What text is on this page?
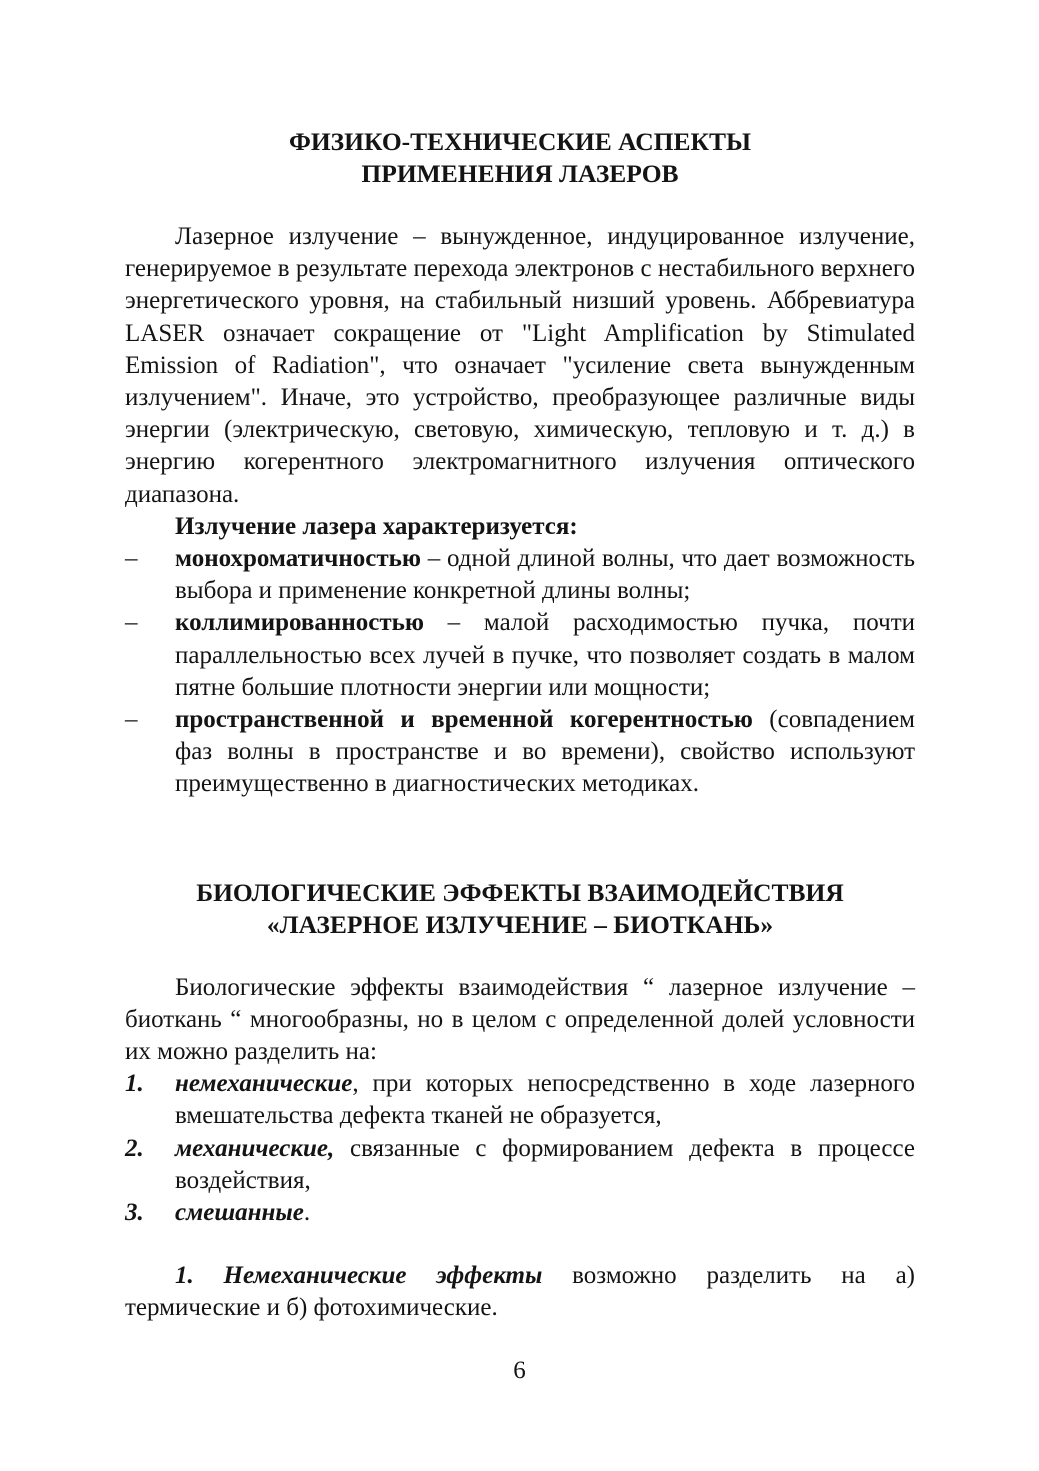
ФИЗИКО-ТЕХНИЧЕСКИЕ АСПЕКТЫ
ПРИМЕНЕНИЯ ЛАЗЕРОВ

Лазерное излучение – вынужденное, индуцированное излучение, генерируемое в результате перехода электронов с нестабильного верхнего энергетического уровня, на стабильный низший уровень. Аббревиатура LASER означает сокращение от "Light Amplification by Stimulated Emission of Radiation", что означает "усиление света вынужденным излучением". Иначе, это устройство, преобразующее различные виды энергии (электрическую, световую, химическую, тепловую и т. д.) в энергию когерентного электромагнитного излучения оптического диапазона.

Излучение лазера характеризуется:

– монохроматичностью – одной длиной волны, что дает возможность выбора и применение конкретной длины волны;
– коллимированностью – малой расходимостью пучка, почти параллельностью всех лучей в пучке, что позволяет создать в малом пятне большие плотности энергии или мощности;
– пространственной и временной когерентностью (совпадением фаз волны в пространстве и во времени), свойство используют преимущественно в диагностических методиках.
БИОЛОГИЧЕСКИЕ ЭФФЕКТЫ ВЗАИМОДЕЙСТВИЯ
«ЛАЗЕРНОЕ ИЗЛУЧЕНИЕ – БИОТКАНЬ»

Биологические эффекты взаимодействия “ лазерное излучение – биоткань “ многообразны, но в целом с определенной долей условности их можно разделить на:

1. немеханические, при которых непосредственно в ходе лазерного вмешательства дефекта тканей не образуется,
2. механические, связанные с формированием дефекта в процессе воздействия,
3. смешанные.

1. Немеханические эффекты возможно разделить на а) термические и б) фотохимические.

6
